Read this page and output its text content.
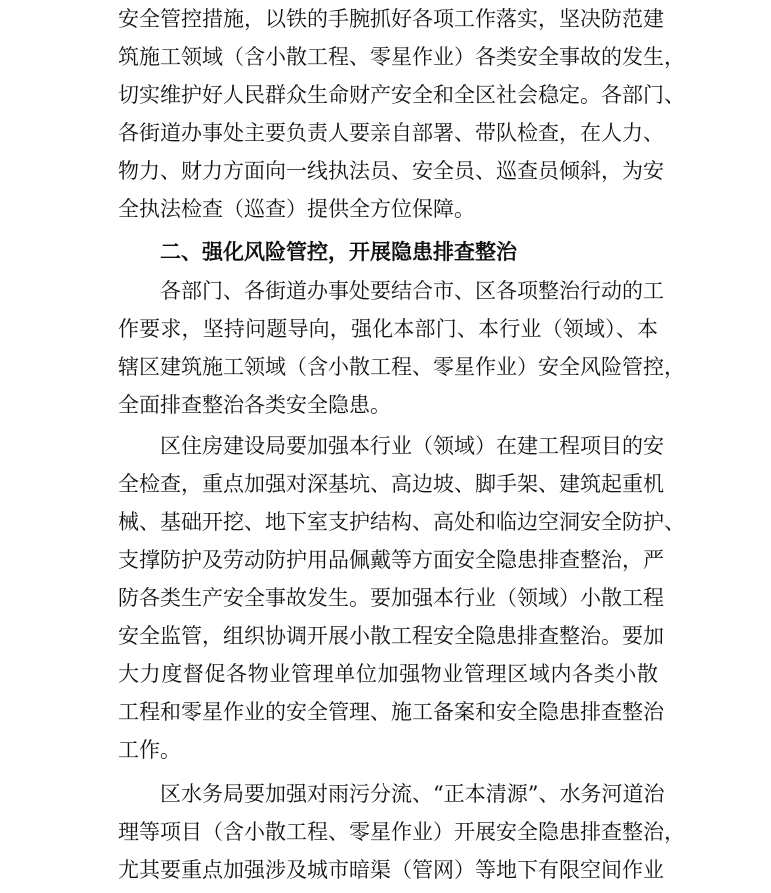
安全管控措施，以铁的手腕抓好各项工作落实，坚决防范建
筑施工领域（含小散工程、零星作业）各类安全事故的发生，
切实维护好人民群众生命财产安全和全区社会稳定。各部门、
各街道办事处主要负责人要亲自部署、带队检查，在人力、
物力、财力方面向一线执法员、安全员、巡查员倾斜，为安
全执法检查（巡查）提供全方位保障。
二、强化风险管控，开展隐患排查整治
各部门、各街道办事处要结合市、区各项整治行动的工
作要求，坚持问题导向，强化本部门、本行业（领域）、本
辖区建筑施工领域（含小散工程、零星作业）安全风险管控，
全面排查整治各类安全隐患。
区住房建设局要加强本行业（领域）在建工程项目的安
全检查，重点加强对深基坑、高边坡、脚手架、建筑起重机
械、基础开挖、地下室支护结构、高处和临边空洞安全防护、
支撑防护及劳动防护用品佩戴等方面安全隐患排查整治，严
防各类生产安全事故发生。要加强本行业（领域）小散工程
安全监管，组织协调开展小散工程安全隐患排查整治。要加
大力度督促各物业管理单位加强物业管理区域内各类小散
工程和零星作业的安全管理、施工备案和安全隐患排查整治
工作。
区水务局要加强对雨污分流、“正本清源”、水务河道治
理等项目（含小散工程、零星作业）开展安全隐患排查整治，
尤其要重点加强涉及城市暗渠（管网）等地下有限空间作业
